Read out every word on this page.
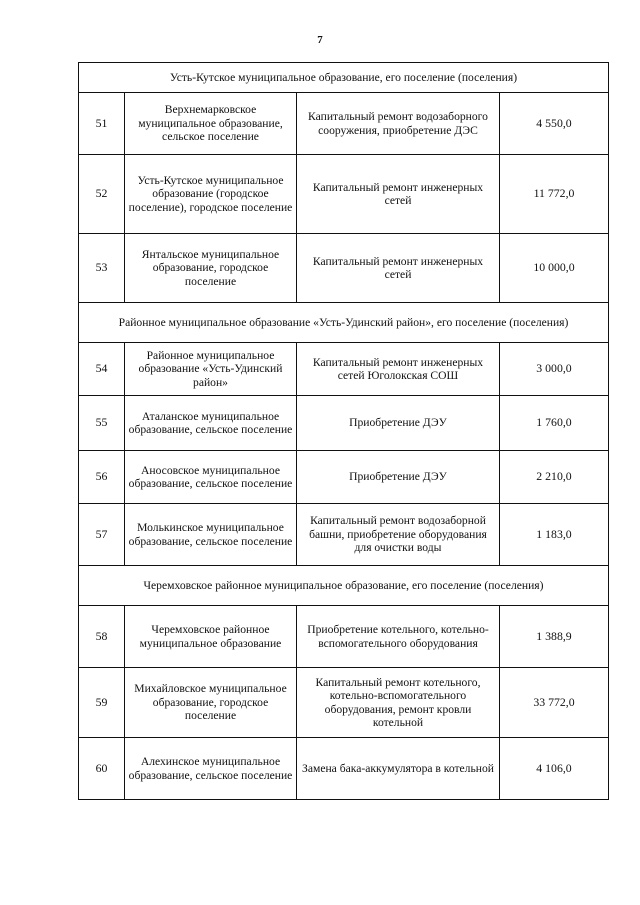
7
Усть-Кутское муниципальное образование, его поселение (поселения)			
51	Верхнемарковское муниципальное образование, сельское поселение	Капитальный ремонт водозаборного сооружения, приобретение ДЭС	4 550,0
52	Усть-Кутское муниципальное образование (городское поселение), городское поселение	Капитальный ремонт инженерных сетей	11 772,0
53	Янтальское муниципальное образование, городское поселение	Капитальный ремонт инженерных сетей	10 000,0
Районное муниципальное образование «Усть-Удинский район», его поселение (поселения)			
54	Районное муниципальное образование «Усть-Удинский район»	Капитальный ремонт инженерных сетей Юголокская СОШ	3 000,0
55	Аталанское муниципальное образование, сельское поселение	Приобретение ДЭУ	1 760,0
56	Аносовское муниципальное образование, сельское поселение	Приобретение ДЭУ	2 210,0
57	Молькинское муниципальное образование, сельское поселение	Капитальный ремонт водозаборной башни, приобретение оборудования для очистки воды	1 183,0
Черемховское районное муниципальное образование, его поселение (поселения)			
58	Черемховское районное муниципальное образование	Приобретение котельного, котельно-вспомогательного оборудования	1 388,9
59	Михайловское муниципальное образование, городское поселение	Капитальный ремонт котельного, котельно-вспомогательного оборудования, ремонт кровли котельной	33 772,0
60	Алехинское муниципальное образование, сельское поселение	Замена бака-аккумулятора в котельной	4 106,0
